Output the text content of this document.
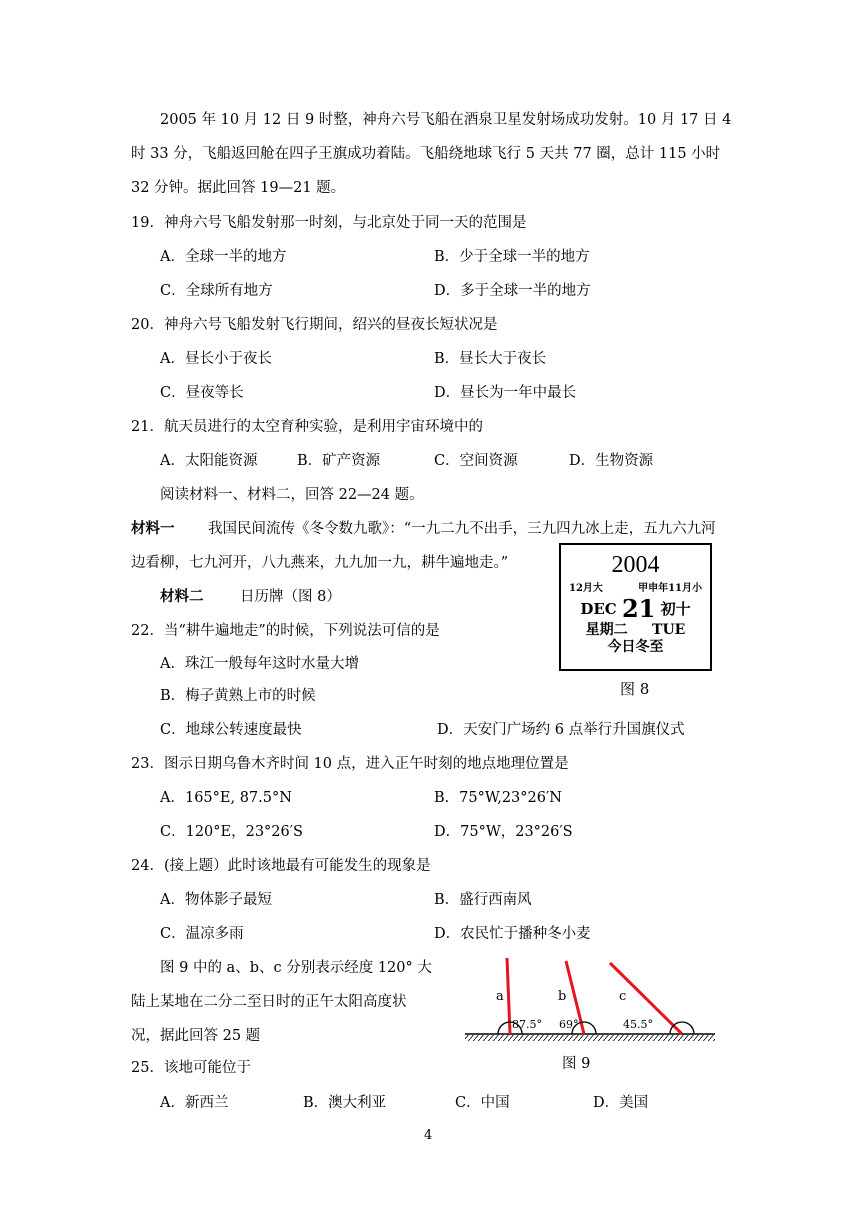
2005 年 10 月 12 日 9 时整，神舟六号飞船在酒泉卫星发射场成功发射。10 月 17 日 4
时 33 分，飞船返回舱在四子王旗成功着陆。飞船绕地球飞行 5 天共 77 圈，总计 115 小时
32 分钟。据此回答 19—21 题。
19．神舟六号飞船发射那一时刻，与北京处于同一天的范围是
A．全球一半的地方	B．少于全球一半的地方
C．全球所有地方	D．多于全球一半的地方
20．神舟六号飞船发射飞行期间，绍兴的昼夜长短状况是
A．昼长小于夜长	B．昼长大于夜长
C．昼夜等长	D．昼长为一年中最长
21．航天员进行的太空育种实验，是利用宇宙环境中的
A．太阳能资源	B．矿产资源	C．空间资源	D．生物资源
阅读材料一、材料二，回答 22—24 题。
材料一 我国民间流传《冬令数九歌》：“一九二九不出手，三九四九冰上走，五九六九河
边看柳，七九河开，八九燕来，九九加一九，耕牛遍地走。”
材料二	日历牌（图 8）
2004
12月大	甲申年11月小
DEC 21 初十
星期二 TUE
今日冬至
图 8
22．当“耕牛遍地走”的时候，下列说法可信的是
A．珠江一般每年这时水量大增
B．梅子黄熟上市的时候
C．地球公转速度最快	D．天安门广场约 6 点举行升国旗仪式
23．图示日期乌鲁木齐时间 10 点，进入正午时刻的地点地理位置是
A．165°E, 87.5°N	B．75°W,23°26′N
C．120°E，23°26′S	D．75°W，23°26′S
24．(接上题）此时该地最有可能发生的现象是
A．物体影子最短	B．盛行西南风
C．温凉多雨	D．农民忙于播种冬小麦
图 9 中的 a、b、c 分别表示经度 120° 大
陆上某地在二分二至日时的正午太阳高度状
况，据此回答 25 题
a	b	c
87.5° 69°	45.5°
图 9
25．该地可能位于
A．新西兰	B．澳大利亚	C．中国	D．美国
4
